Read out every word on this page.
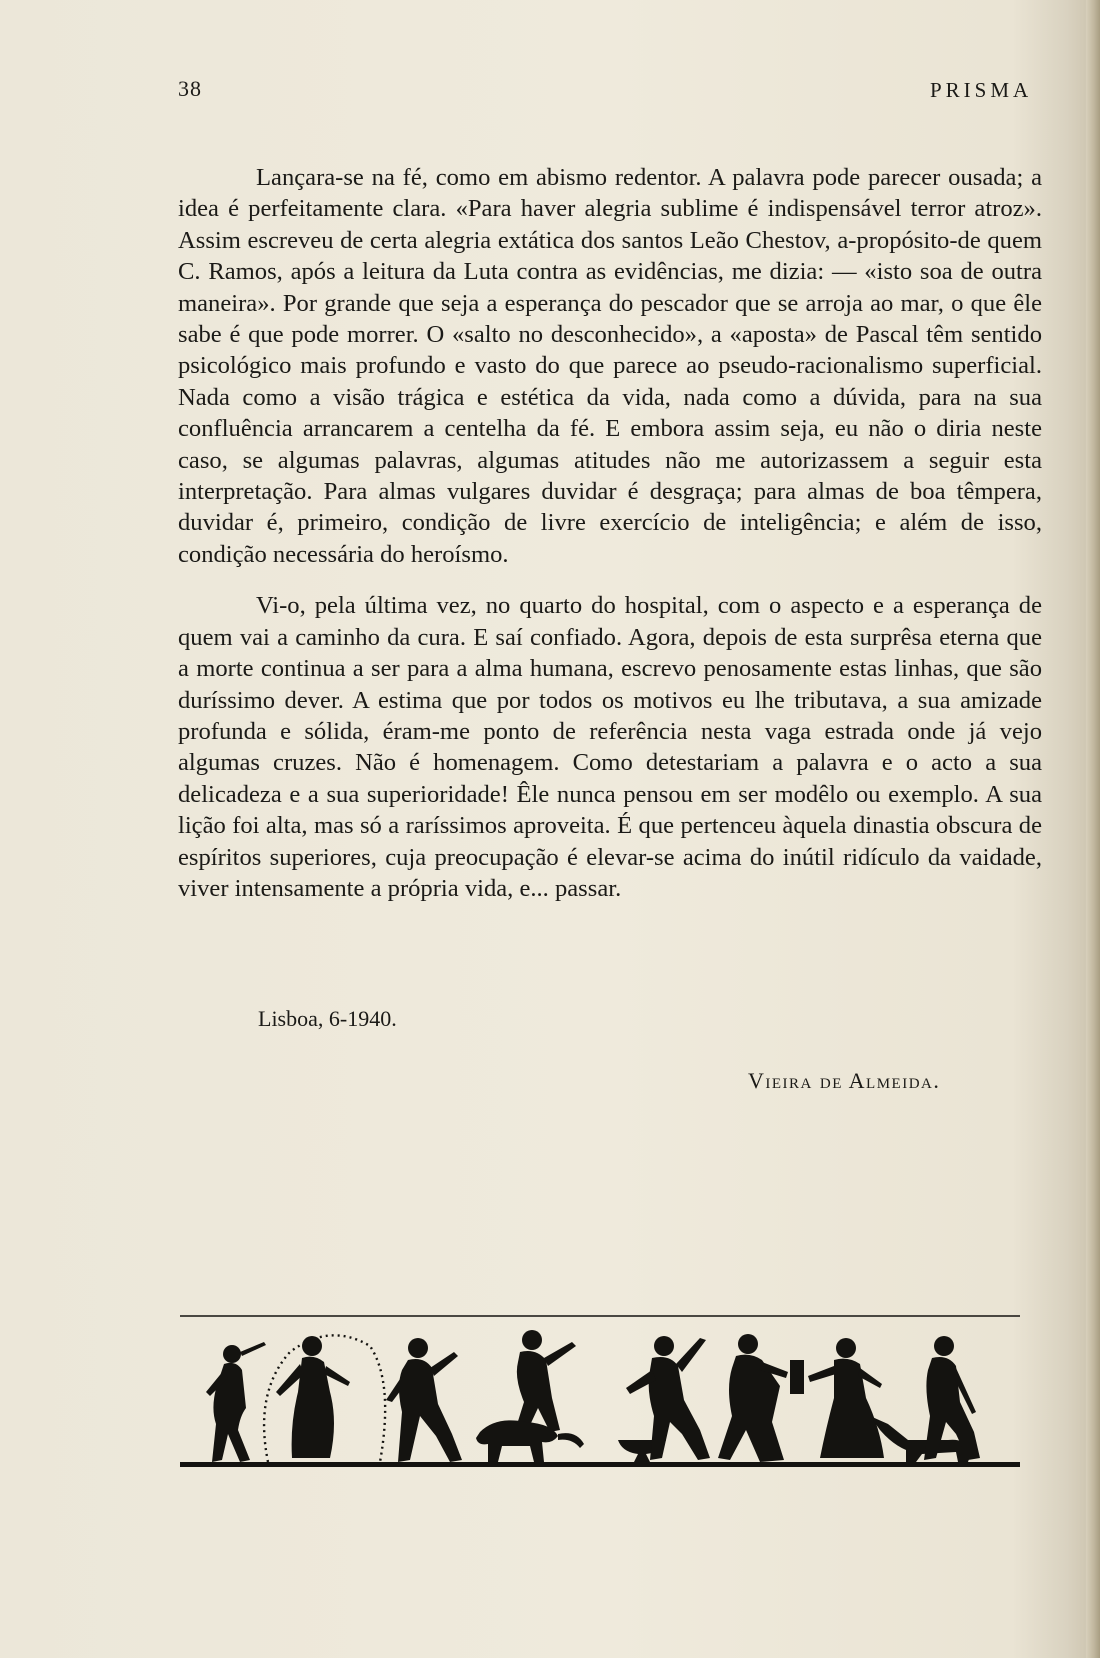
38	PRISMA

Lançara-se na fé, como em abismo redentor. A palavra pode parecer ousada; a idea é perfeitamente clara. «Para haver alegria sublime é indispensável terror atroz». Assim escreveu de certa alegria extática dos santos Leão Chestov, a-propósito-de quem C. Ramos, após a leitura da Luta contra as evidências, me dizia: — «isto soa de outra maneira». Por grande que seja a esperança do pescador que se arroja ao mar, o que êle sabe é que pode morrer. O «salto no desconhecido», a «aposta» de Pascal têm sentido psicológico mais profundo e vasto do que parece ao pseudo-racionalismo superficial. Nada como a visão trágica e estética da vida, nada como a dúvida, para na sua confluência arrancarem a centelha da fé. E embora assim seja, eu não o diria neste caso, se algumas palavras, algumas atitudes não me autorizassem a seguir esta interpretação. Para almas vulgares duvidar é desgraça; para almas de boa têmpera, duvidar é, primeiro, condição de livre exercício de inteligência; e além de isso, condição necessária do heroísmo.

Vi-o, pela última vez, no quarto do hospital, com o aspecto e a esperança de quem vai a caminho da cura. E saí confiado. Agora, depois de esta surprêsa eterna que a morte continua a ser para a alma humana, escrevo penosamente estas linhas, que são duríssimo dever. A estima que por todos os motivos eu lhe tributava, a sua amizade profunda e sólida, éram-me ponto de referência nesta vaga estrada onde já vejo algumas cruzes. Não é homenagem. Como detestariam a palavra e o acto a sua delicadeza e a sua superioridade! Êle nunca pensou em ser modêlo ou exemplo. A sua lição foi alta, mas só a raríssimos aproveita. É que pertenceu àquela dinastia obscura de espíritos superiores, cuja preocupação é elevar-se acima do inútil ridículo da vaidade, viver intensamente a própria vida, e... passar.

Lisboa, 6-1940.
Vieira de Almeida.
